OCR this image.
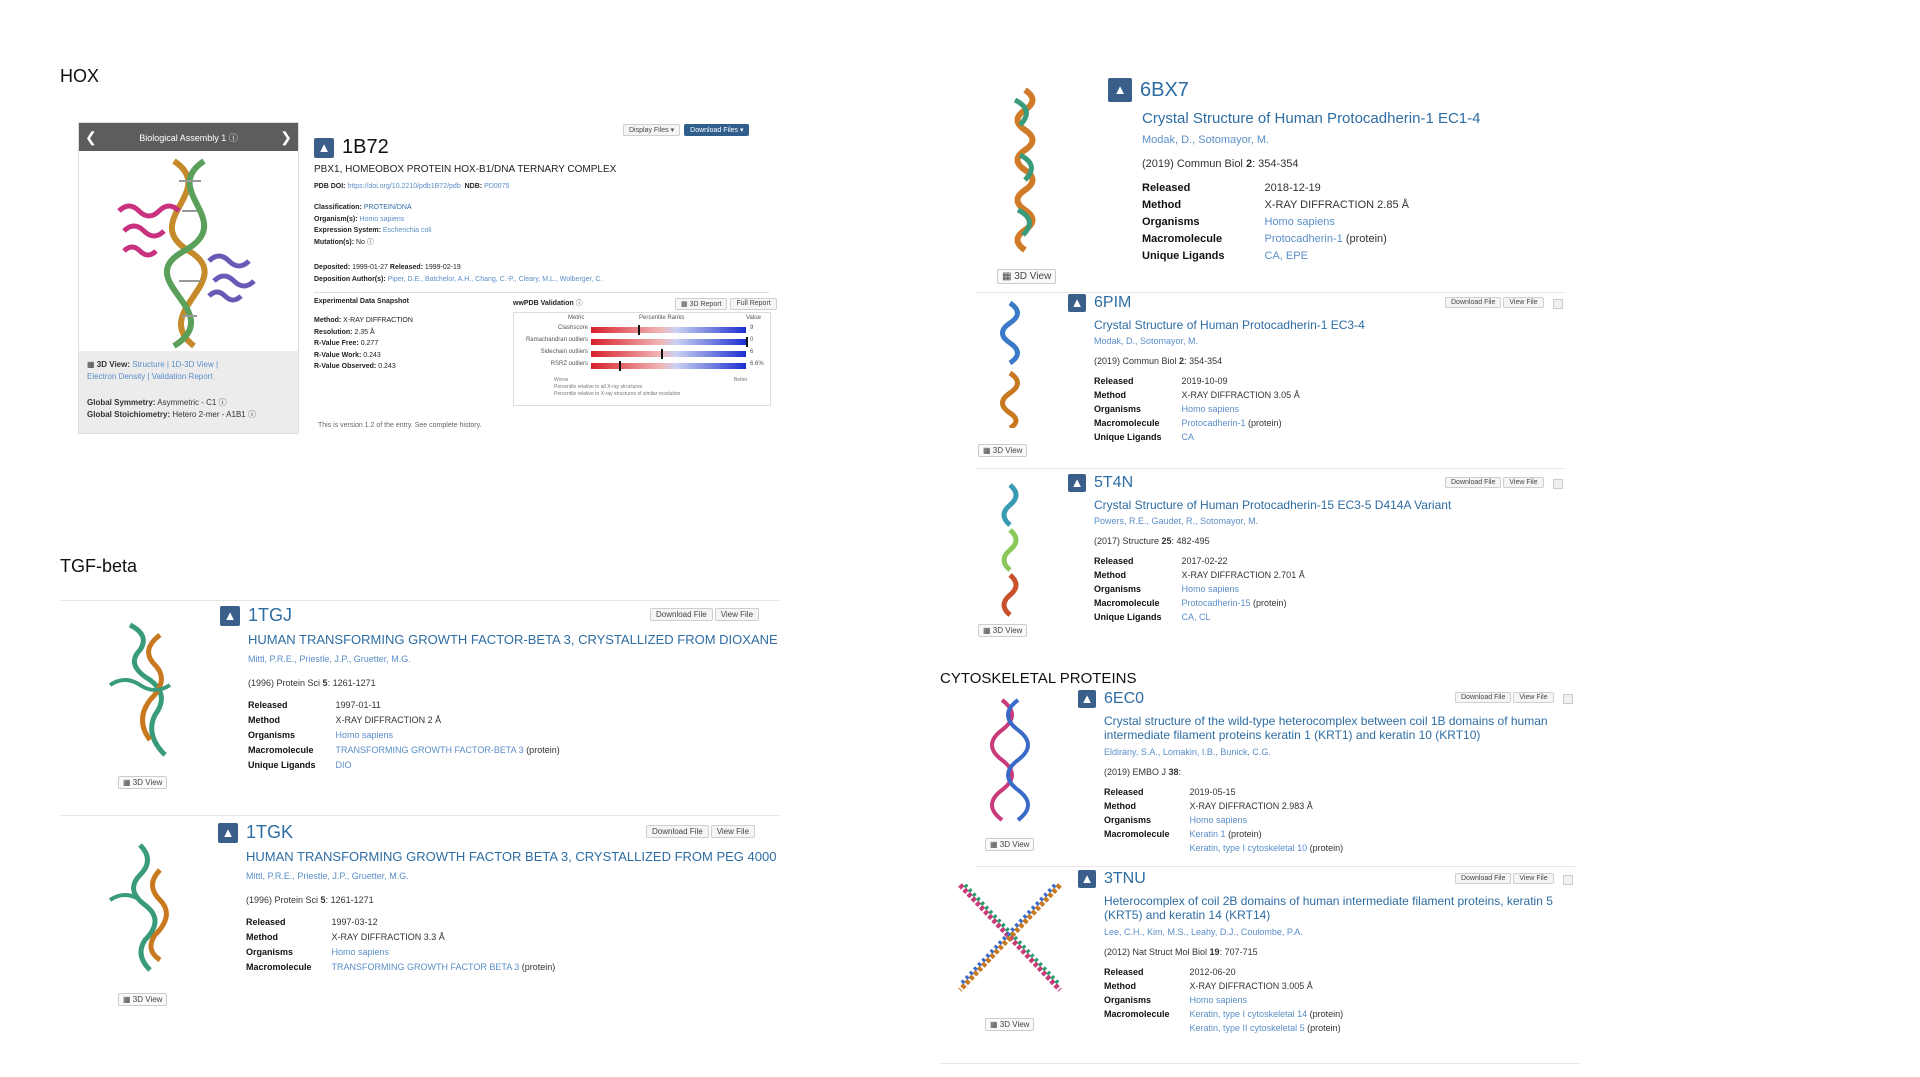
HOX
TGF-beta
CYTOSKELETAL PROTEINS
❮	Biological Assembly 1 ⓘ	❯
▦ 3D View: Structure | 1D-3D View |
Electron Density | Validation Report
Global Symmetry: Asymmetric - C1 ⓘ
Global Stoichiometry: Hetero 2-mer - A1B1 ⓘ
Display Files ▾	Download Files ▾
▲ 1B72
PBX1, HOMEOBOX PROTEIN HOX-B1/DNA TERNARY COMPLEX
PDB DOI: https://doi.org/10.2210/pdb1B72/pdb NDB: PD0075
Classification: PROTEIN/DNA
Organism(s): Homo sapiens
Expression System: Escherichia coli
Mutation(s): No ⓘ
Deposited: 1999-01-27 Released: 1999-02-19
Deposition Author(s): Piper, D.E., Batchelor, A.H., Chang, C.-P., Cleary, M.L., Wolberger, C.
Experimental Data Snapshot
Method: X-RAY DIFFRACTION
Resolution: 2.35 Å
R-Value Free: 0.277
R-Value Work: 0.243
R-Value Observed: 0.243
wwPDB Validation ⓘ	▦ 3D Report	Full Report
Metric	Percentile Ranks	Value
Clashscore	9
Ramachandran outliers	0
Sidechain outliers	6
RSRZ outliers	6.6%
Worse	Better
Percentile relative to all X-ray structures
Percentile relative to X-ray structures of similar resolution
This is version 1.2 of the entry. See complete history.
▦ 3D View
▲ 1TGJ
HUMAN TRANSFORMING GROWTH FACTOR-BETA 3, CRYSTALLIZED FROM DIOXANE
Mittl, P.R.E., Priestle, J.P., Gruetter, M.G.
(1996) Protein Sci 5: 1261-1271
Released	1997-01-11
Method	X-RAY DIFFRACTION 2 Å
Organisms	Homo sapiens
Macromolecule TRANSFORMING GROWTH FACTOR-BETA 3 (protein)
Unique Ligands DIO
Download File	View File
▦ 3D View
▲ 1TGK
HUMAN TRANSFORMING GROWTH FACTOR BETA 3, CRYSTALLIZED FROM PEG 4000
Mittl, P.R.E., Priestle, J.P., Gruetter, M.G.
(1996) Protein Sci 5: 1261-1271
Released	1997-03-12
Method	X-RAY DIFFRACTION 3.3 Å
Organisms	Homo sapiens
Macromolecule TRANSFORMING GROWTH FACTOR BETA 3 (protein)
Download File	View File
▦ 3D View
▲ 6BX7
Crystal Structure of Human Protocadherin-1 EC1-4
Modak, D., Sotomayor, M.
(2019) Commun Biol 2: 354-354
Released	2018-12-19
Method	X-RAY DIFFRACTION 2.85 Å
Organisms	Homo sapiens
Macromolecule	Protocadherin-1 (protein)
Unique Ligands	CA, EPE
▦ 3D View
▲ 6PIM
Crystal Structure of Human Protocadherin-1 EC3-4
Modak, D., Sotomayor, M.
(2019) Commun Biol 2: 354-354
Released	2019-10-09
Method	X-RAY DIFFRACTION 3.05 Å
Organisms	Homo sapiens
Macromolecule Protocadherin-1 (protein)
Unique Ligands CA
Download File	View File
▦ 3D View
▲ 5T4N
Crystal Structure of Human Protocadherin-15 EC3-5 D414A Variant
Powers, R.E., Gaudet, R., Sotomayor, M.
(2017) Structure 25: 482-495
Released	2017-02-22
Method	X-RAY DIFFRACTION 2.701 Å
Organisms	Homo sapiens
Macromolecule Protocadherin-15 (protein)
Unique Ligands CA, CL
Download File	View File
▦ 3D View
▲ 6EC0
Crystal structure of the wild-type heterocomplex between coil 1B domains of human intermediate filament proteins keratin 1 (KRT1) and keratin 10 (KRT10)
Eldirany, S.A., Lomakin, I.B., Bunick, C.G.
(2019) EMBO J 38:
Released	2019-05-15
Method	X-RAY DIFFRACTION 2.983 Å
Organisms	Homo sapiens
Macromolecule Keratin 1 (protein)
Keratin, type I cytoskeletal 10 (protein)
Download File	View File
▦ 3D View
▲ 3TNU
Heterocomplex of coil 2B domains of human intermediate filament proteins, keratin 5 (KRT5) and keratin 14 (KRT14)
Lee, C.H., Kim, M.S., Leahy, D.J., Coulombe, P.A.
(2012) Nat Struct Mol Biol 19: 707-715
Released	2012-06-20
Method	X-RAY DIFFRACTION 3.005 Å
Organisms	Homo sapiens
Macromolecule Keratin, type I cytoskeletal 14 (protein)
Keratin, type II cytoskeletal 5 (protein)
Download File	View File
